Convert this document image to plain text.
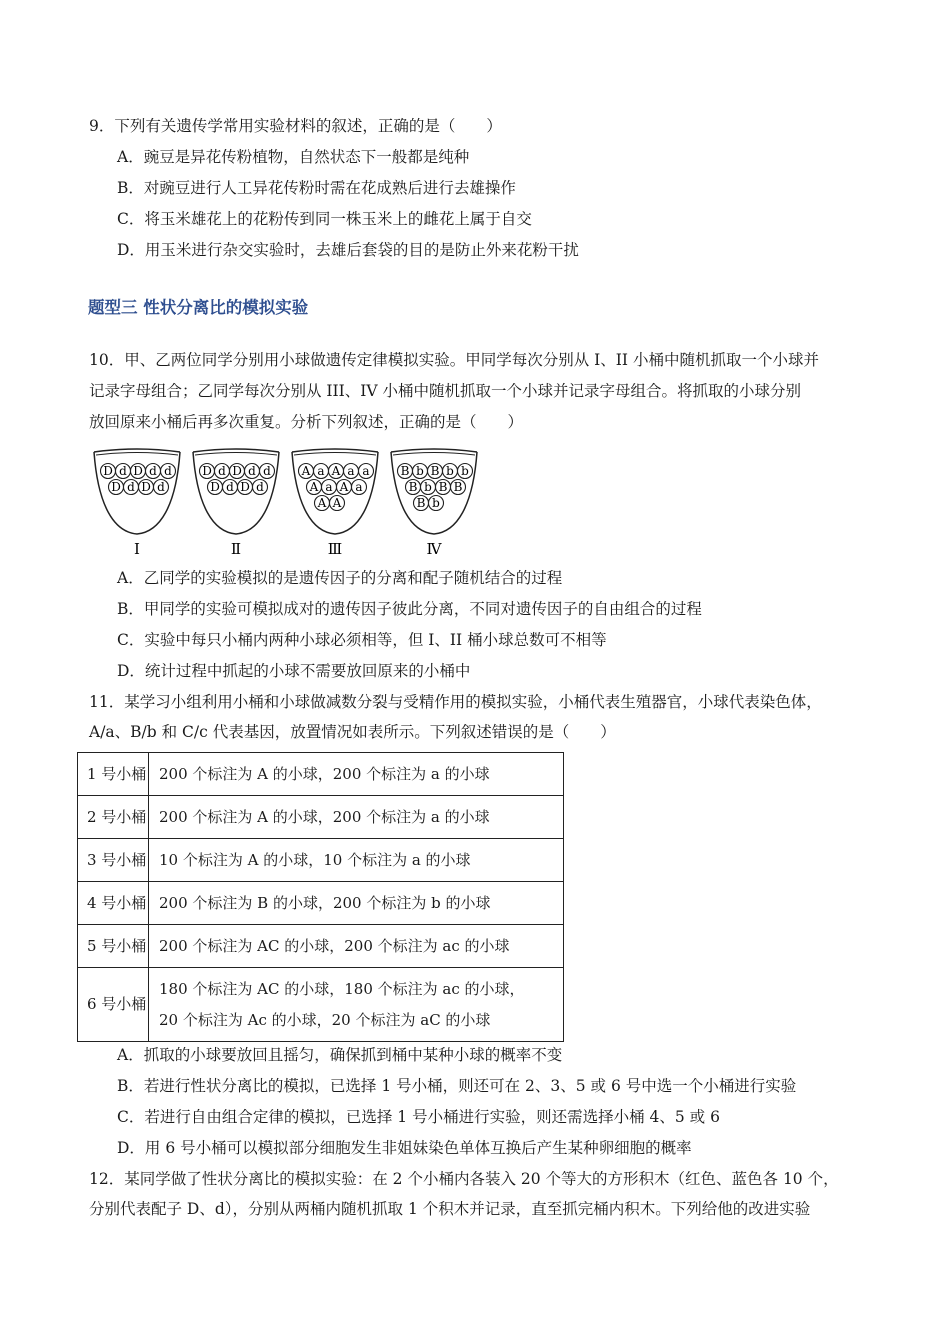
9．下列有关遗传学常用实验材料的叙述，正确的是（　　）
A．豌豆是异花传粉植物，自然状态下一般都是纯种
B．对豌豆进行人工异花传粉时需在花成熟后进行去雄操作
C．将玉米雄花上的花粉传到同一株玉米上的雌花上属于自交
D．用玉米进行杂交实验时，去雄后套袋的目的是防止外来花粉干扰
题型三 性状分离比的模拟实验
10．甲、乙两位同学分别用小球做遗传定律模拟实验。甲同学每次分别从 I、II 小桶中随机抓取一个小球并
记录字母组合；乙同学每次分别从 III、IV 小桶中随机抓取一个小球并记录字母组合。将抓取的小球分别
放回原来小桶后再多次重复。分析下列叙述，正确的是（　　）
D d D d d
D d D d
Ⅰ
D d D d d
D d D d
Ⅱ
A a A a a
A a A a
A A
Ⅲ
B b B b b
B b B B
B b
Ⅳ
A．乙同学的实验模拟的是遗传因子的分离和配子随机结合的过程
B．甲同学的实验可模拟成对的遗传因子彼此分离，不同对遗传因子的自由组合的过程
C．实验中每只小桶内两种小球必须相等，但 I、II 桶小球总数可不相等
D．统计过程中抓起的小球不需要放回原来的小桶中
11．某学习小组利用小桶和小球做减数分裂与受精作用的模拟实验，小桶代表生殖器官，小球代表染色体，
A/a、B/b 和 C/c 代表基因，放置情况如表所示。下列叙述错误的是（　　）
1 号小桶	200 个标注为 A 的小球，200 个标注为 a 的小球
2 号小桶	200 个标注为 A 的小球，200 个标注为 a 的小球
3 号小桶	10 个标注为 A 的小球，10 个标注为 a 的小球
4 号小桶	200 个标注为 B 的小球，200 个标注为 b 的小球
5 号小桶	200 个标注为 AC 的小球，200 个标注为 ac 的小球
6 号小桶	180 个标注为 AC 的小球，180 个标注为 ac 的小球，
20 个标注为 Ac 的小球，20 个标注为 aC 的小球
A．抓取的小球要放回且摇匀，确保抓到桶中某种小球的概率不变
B．若进行性状分离比的模拟，已选择 1 号小桶，则还可在 2、3、5 或 6 号中选一个小桶进行实验
C．若进行自由组合定律的模拟，已选择 1 号小桶进行实验，则还需选择小桶 4、5 或 6
D．用 6 号小桶可以模拟部分细胞发生非姐妹染色单体互换后产生某种卵细胞的概率
12．某同学做了性状分离比的模拟实验：在 2 个小桶内各装入 20 个等大的方形积木（红色、蓝色各 10 个，
分别代表配子 D、d），分别从两桶内随机抓取 1 个积木并记录，直至抓完桶内积木。下列给他的改进实验
